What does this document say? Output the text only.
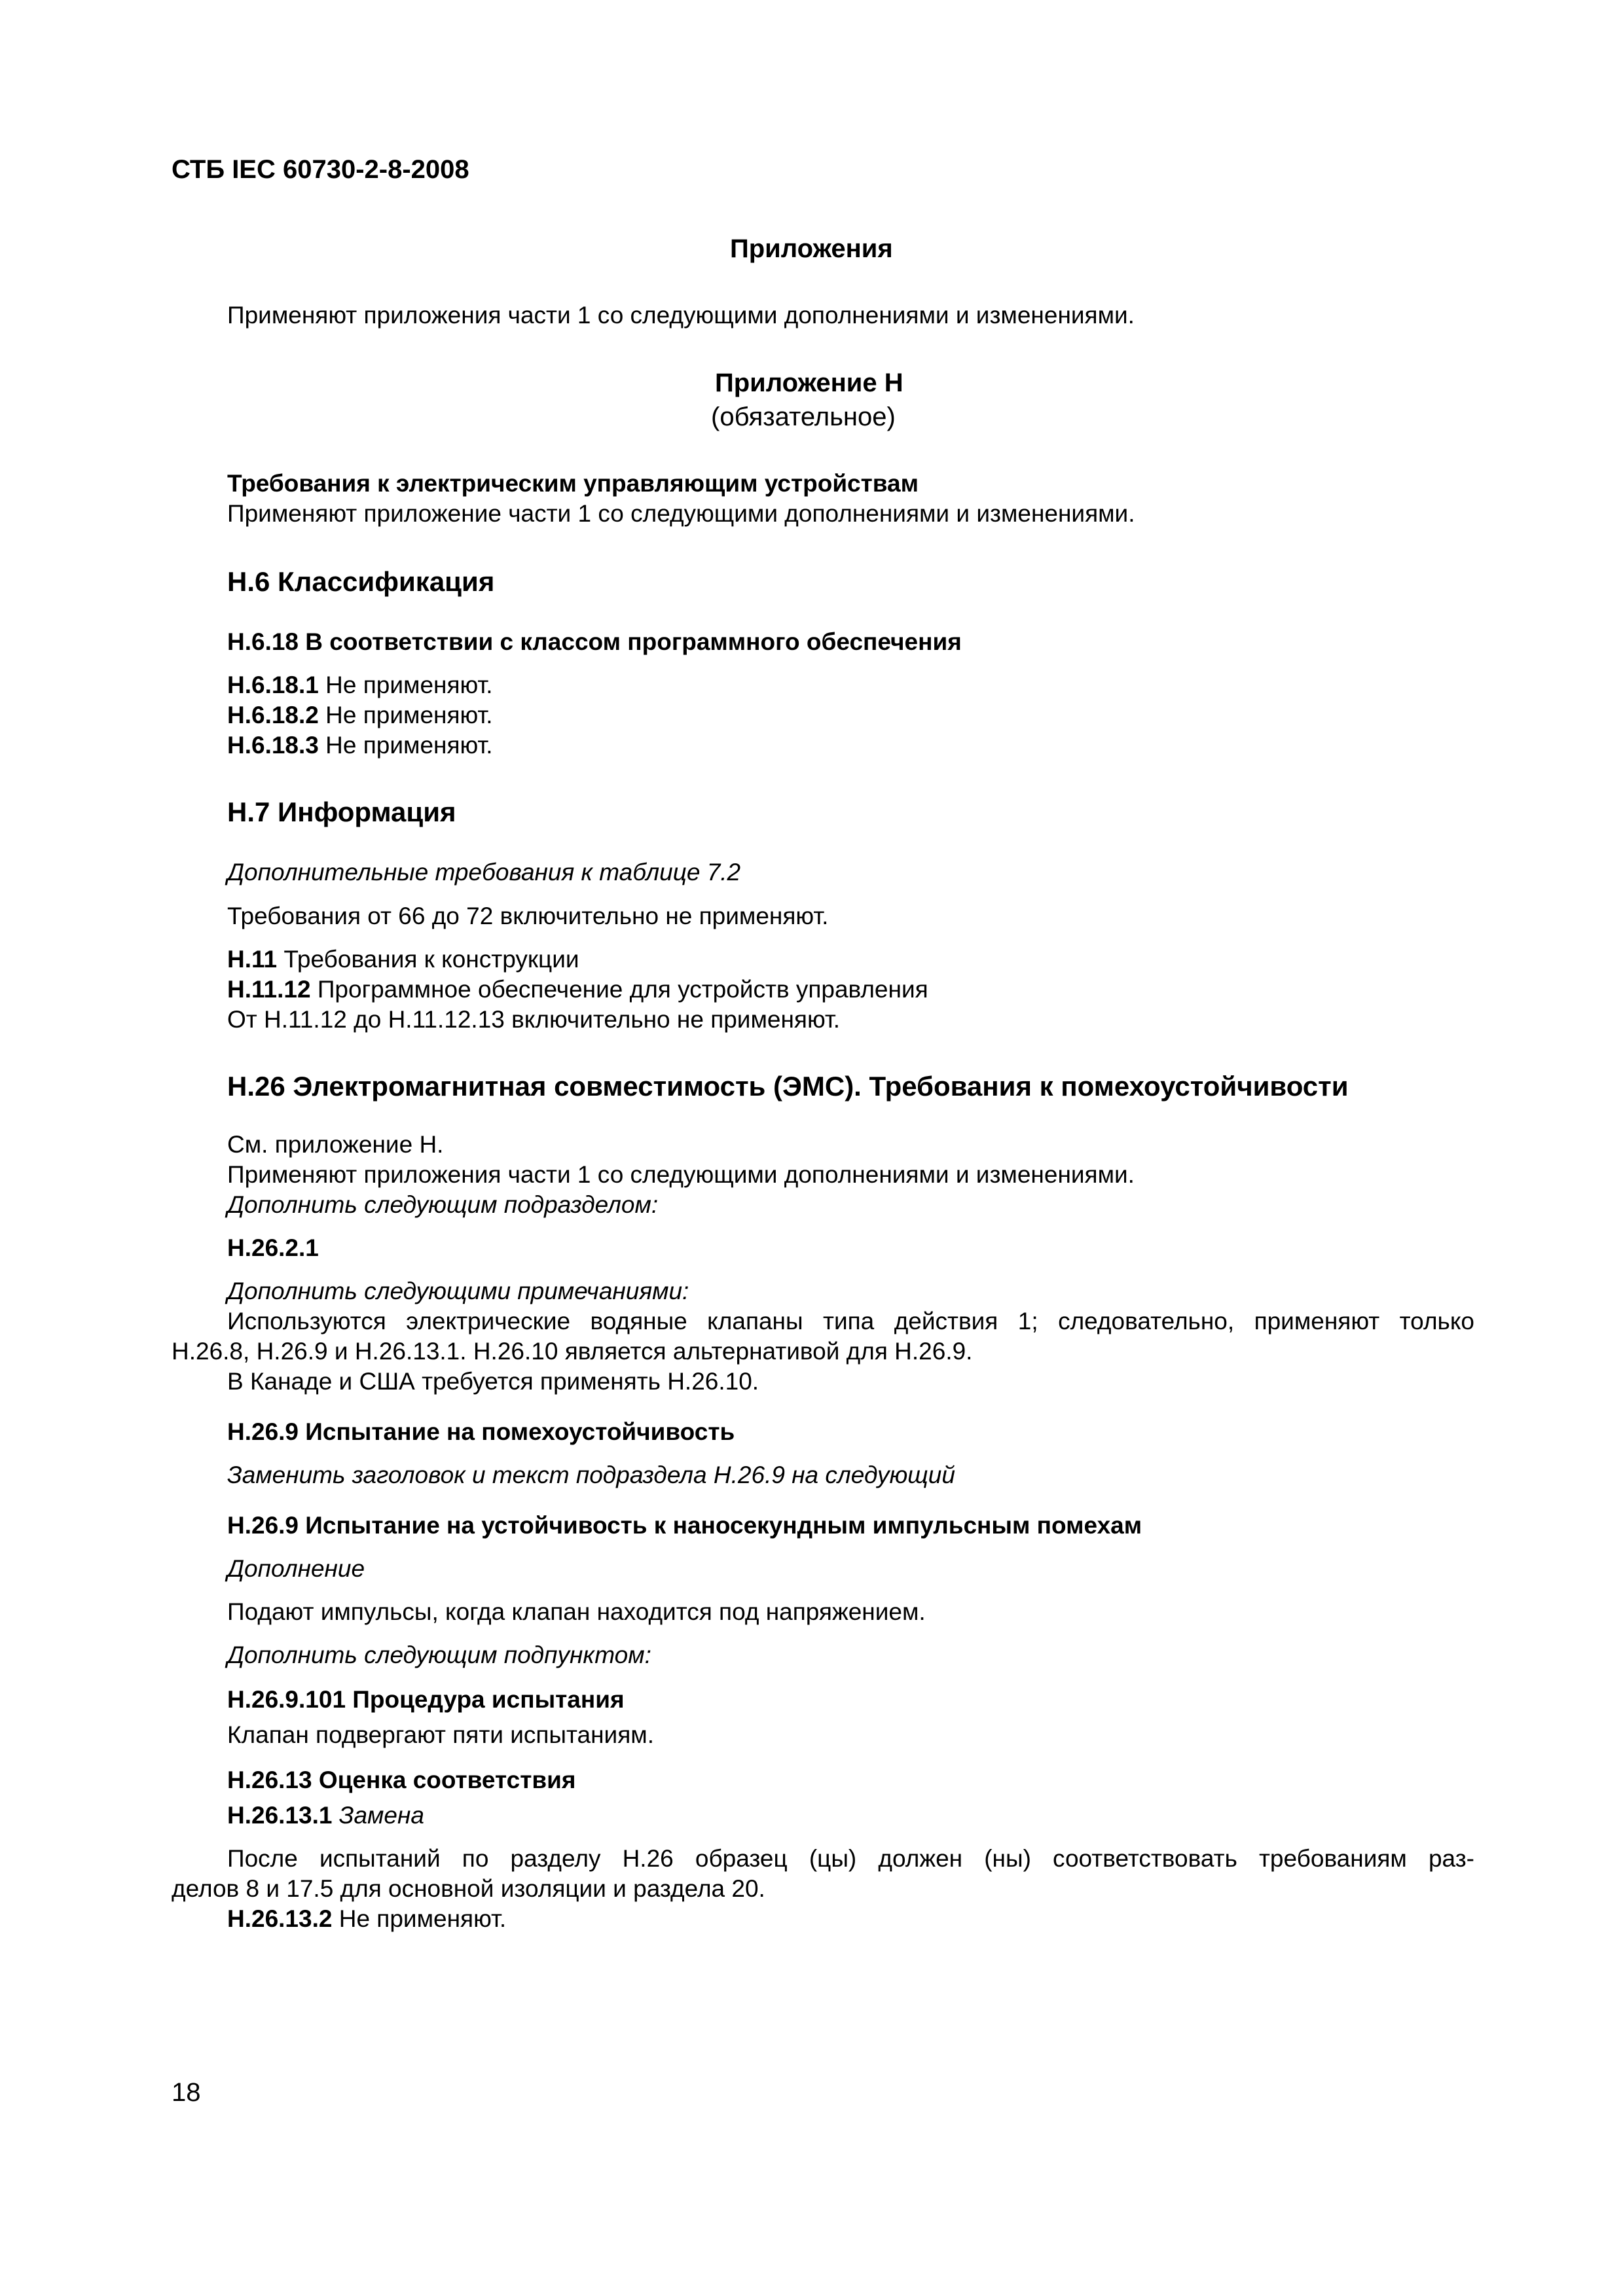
СТБ IEC 60730-2-8-2008

Приложения

Применяют приложения части 1 со следующими дополнениями и изменениями.

Приложение Н

(обязательное)

Требования к электрическим управляющим устройствам

Применяют приложение части 1 со следующими дополнениями и изменениями.

Н.6 Классификация

Н.6.18 В соответствии с классом программного обеспечения

Н.6.18.1 Не применяют.

Н.6.18.2 Не применяют.

Н.6.18.3 Не применяют.

Н.7 Информация

Дополнительные требования к таблице 7.2

Требования от 66 до 72 включительно не применяют.

Н.11 Требования к конструкции

Н.11.12 Программное обеспечение для устройств управления

От Н.11.12 до Н.11.12.13 включительно не применяют.

Н.26 Электромагнитная совместимость (ЭМС). Требования к помехоустойчивости

См. приложение Н.

Применяют приложения части 1 со следующими дополнениями и изменениями.

Дополнить следующим подразделом:

Н.26.2.1

Дополнить следующими примечаниями:

Используются электрические водяные клапаны типа действия 1; следовательно, применяют только

Н.26.8, Н.26.9 и Н.26.13.1. Н.26.10 является альтернативой для Н.26.9.

В Канаде и США требуется применять Н.26.10.

Н.26.9 Испытание на помехоустойчивость

Заменить заголовок и текст подраздела Н.26.9 на следующий

Н.26.9 Испытание на устойчивость к наносекундным импульсным помехам

Дополнение

Подают импульсы, когда клапан находится под напряжением.

Дополнить следующим подпунктом:

Н.26.9.101 Процедура испытания

Клапан подвергают пяти испытаниям.

Н.26.13 Оценка соответствия

Н.26.13.1 Замена

После испытаний по разделу Н.26 образец (цы) должен (ны) соответствовать требованиям раз-

делов 8 и 17.5 для основной изоляции и раздела 20.

Н.26.13.2 Не применяют.

18
